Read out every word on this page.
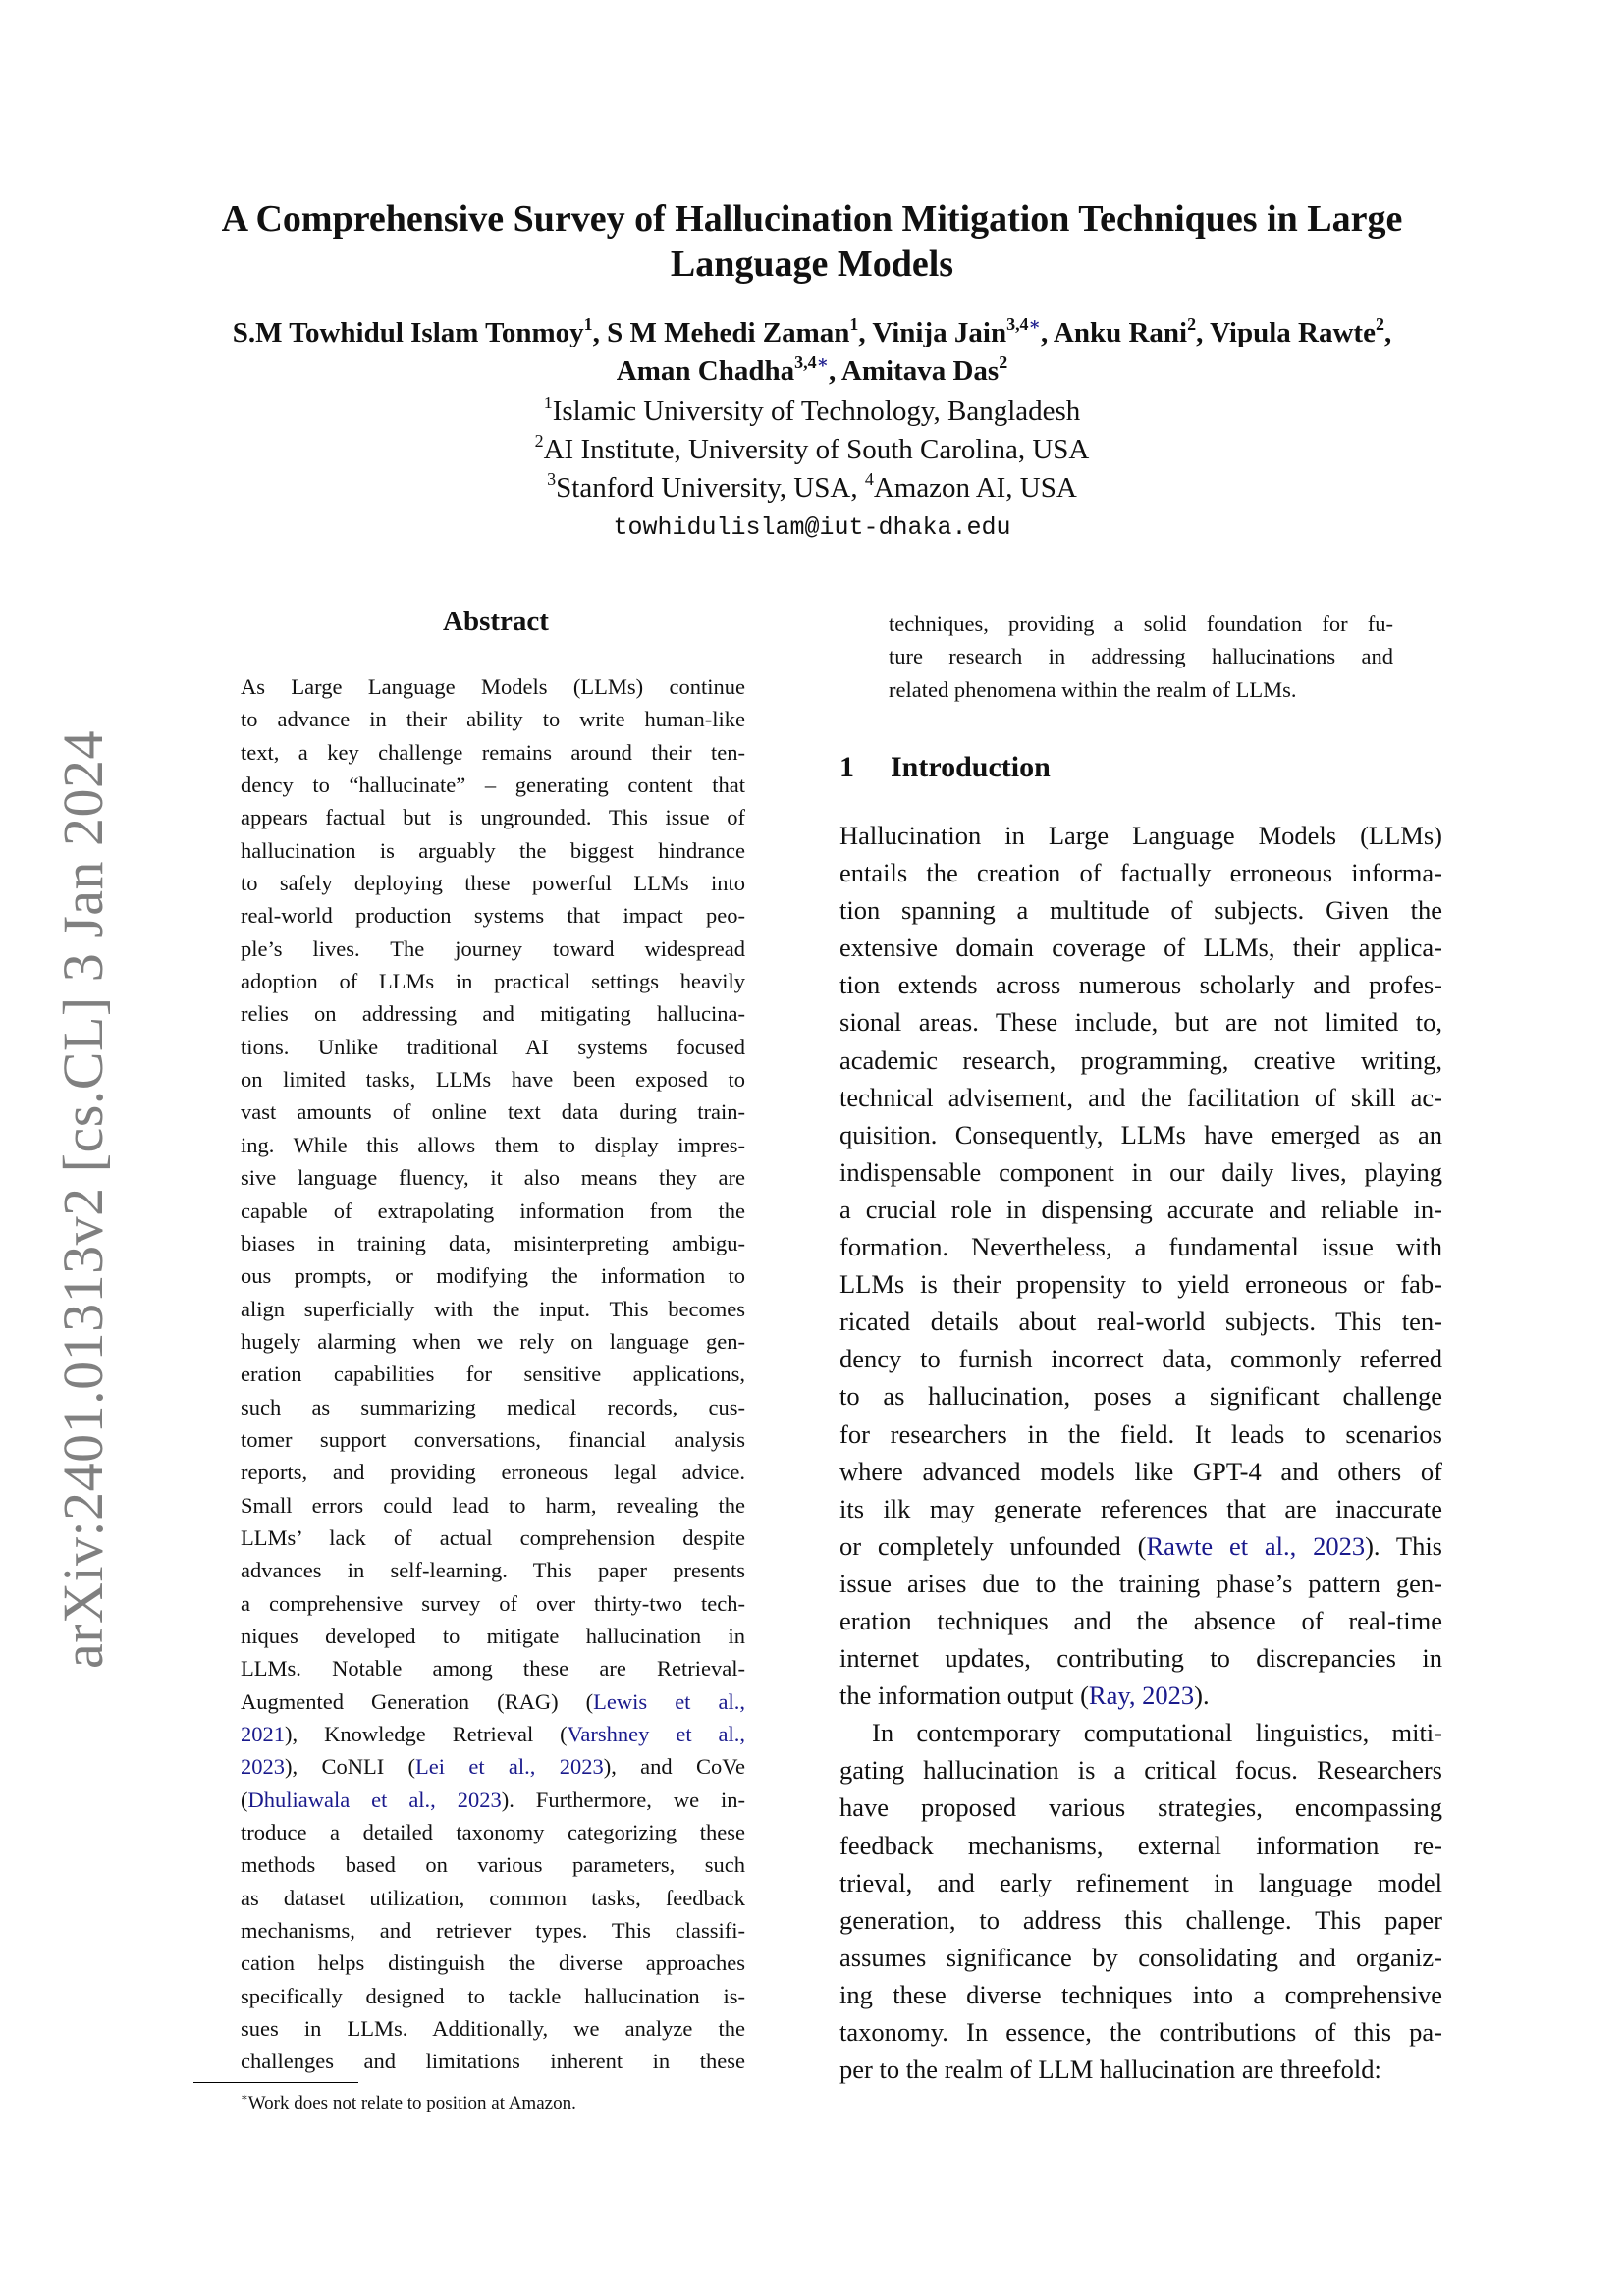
arXiv:2401.01313v2 [cs.CL] 3 Jan 2024
A Comprehensive Survey of Hallucination Mitigation Techniques in Large
Language Models
S.M Towhidul Islam Tonmoy$^1$, S M Mehedi Zaman$^1$, Vinija Jain$^{3,4∗}$, Anku Rani$^2$, Vipula Rawte$^2$,
Aman Chadha$^{3,4∗}$, Amitava Das$^2$
$^1$Islamic University of Technology, Bangladesh
$^2$AI Institute, University of South Carolina, USA
$^3$Stanford University, USA, $^4$Amazon AI, USA
towhidulislam@iut-dhaka.edu
Abstract
As Large Language Models (LLMs) continue
to advance in their ability to write human-like
text, a key challenge remains around their ten-
dency to “hallucinate” – generating content that
appears factual but is ungrounded. This issue of
hallucination is arguably the biggest hindrance
to safely deploying these powerful LLMs into
real-world production systems that impact peo-
ple’s lives. The journey toward widespread
adoption of LLMs in practical settings heavily
relies on addressing and mitigating hallucina-
tions. Unlike traditional AI systems focused
on limited tasks, LLMs have been exposed to
vast amounts of online text data during train-
ing. While this allows them to display impres-
sive language fluency, it also means they are
capable of extrapolating information from the
biases in training data, misinterpreting ambigu-
ous prompts, or modifying the information to
align superficially with the input. This becomes
hugely alarming when we rely on language gen-
eration capabilities for sensitive applications,
such as summarizing medical records, cus-
tomer support conversations, financial analysis
reports, and providing erroneous legal advice.
Small errors could lead to harm, revealing the
LLMs’ lack of actual comprehension despite
advances in self-learning. This paper presents
a comprehensive survey of over thirty-two tech-
niques developed to mitigate hallucination in
LLMs. Notable among these are Retrieval-
Augmented Generation (RAG) (Lewis et al.,
2021), Knowledge Retrieval (Varshney et al.,
2023), CoNLI (Lei et al., 2023), and CoVe
(Dhuliawala et al., 2023). Furthermore, we in-
troduce a detailed taxonomy categorizing these
methods based on various parameters, such
as dataset utilization, common tasks, feedback
mechanisms, and retriever types. This classifi-
cation helps distinguish the diverse approaches
specifically designed to tackle hallucination is-
sues in LLMs. Additionally, we analyze the
challenges and limitations inherent in these
techniques, providing a solid foundation for fu-
ture research in addressing hallucinations and
related phenomena within the realm of LLMs.
1 Introduction
Hallucination in Large Language Models (LLMs)
entails the creation of factually erroneous informa-
tion spanning a multitude of subjects. Given the
extensive domain coverage of LLMs, their applica-
tion extends across numerous scholarly and profes-
sional areas. These include, but are not limited to,
academic research, programming, creative writing,
technical advisement, and the facilitation of skill ac-
quisition. Consequently, LLMs have emerged as an
indispensable component in our daily lives, playing
a crucial role in dispensing accurate and reliable in-
formation. Nevertheless, a fundamental issue with
LLMs is their propensity to yield erroneous or fab-
ricated details about real-world subjects. This ten-
dency to furnish incorrect data, commonly referred
to as hallucination, poses a significant challenge
for researchers in the field. It leads to scenarios
where advanced models like GPT-4 and others of
its ilk may generate references that are inaccurate
or completely unfounded (Rawte et al., 2023). This
issue arises due to the training phase’s pattern gen-
eration techniques and the absence of real-time
internet updates, contributing to discrepancies in
the information output (Ray, 2023).
In contemporary computational linguistics, miti-
gating hallucination is a critical focus. Researchers
have proposed various strategies, encompassing
feedback mechanisms, external information re-
trieval, and early refinement in language model
generation, to address this challenge. This paper
assumes significance by consolidating and organiz-
ing these diverse techniques into a comprehensive
taxonomy. In essence, the contributions of this pa-
per to the realm of LLM hallucination are threefold:
∗Work does not relate to position at Amazon.
